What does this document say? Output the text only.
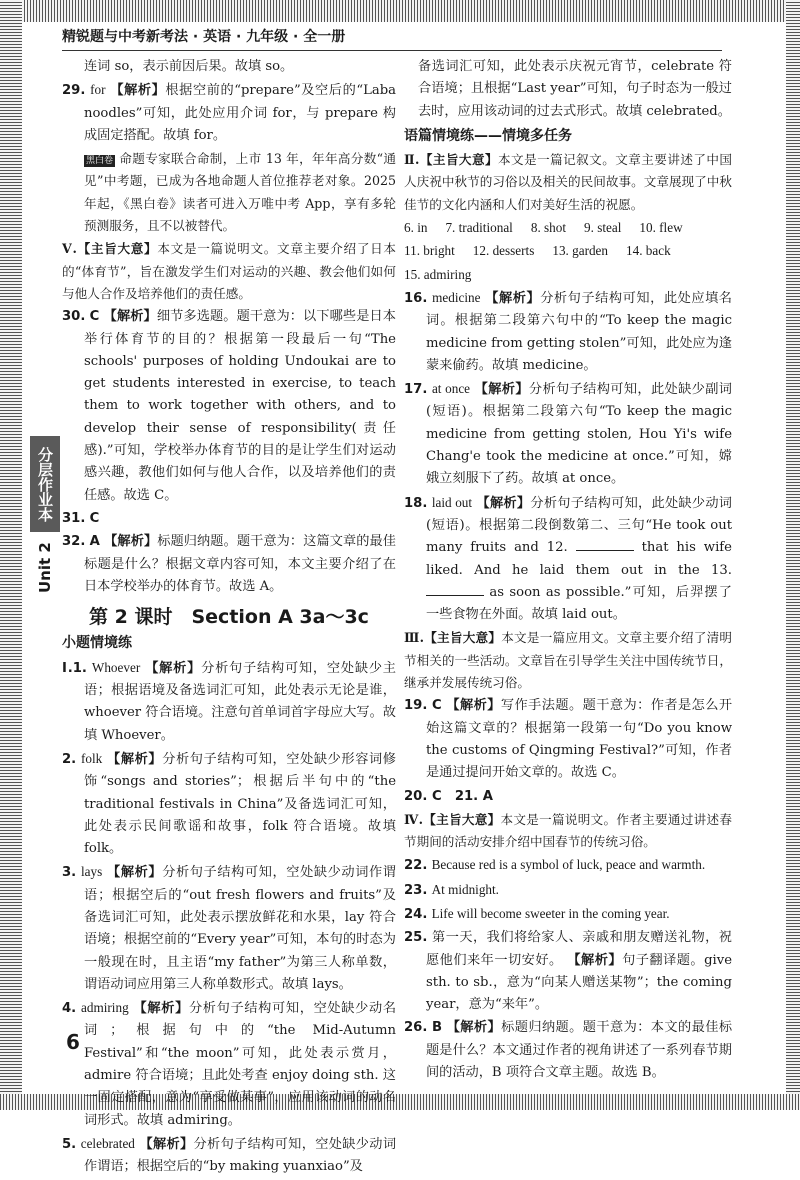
精锐题与中考新考法 · 英语 · 九年级 · 全一册
分层作业本
Unit 2
连词 so，表示前因后果。故填 so。
29. for 【解析】根据空前的“prepare”及空后的“Laba noodles”可知，此处应用介词 for，与 prepare 构成固定搭配。故填 for。
黑白卷 命题专家联合命制，上市 13 年，年年高分数“通见”中考题，已成为各地命题人首位推荐老对象。2025 年起，《黑白卷》读者可进入万唯中考 App，享有多轮预测服务，且不以被替代。
Ⅴ.【主旨大意】本文是一篇说明文。文章主要介绍了日本的“体育节”，旨在激发学生们对运动的兴趣、教会他们如何与他人合作及培养他们的责任感。
30. C 【解析】细节多选题。题干意为：以下哪些是日本举行体育节的目的？根据第一段最后一句“The schools' purposes of holding Undoukai are to get students interested in exercise, to teach them to work together with others, and to develop their sense of responsibility(责任感).”可知，学校举办体育节的目的是让学生们对运动感兴趣，教他们如何与他人合作，以及培养他们的责任感。故选 C。
31. C
32. A 【解析】标题归纳题。题干意为：这篇文章的最佳标题是什么？根据文章内容可知，本文主要介绍了在日本学校举办的体育节。故选 A。
第 2 课时　Section A 3a～3c
小题情境练
Ⅰ.1. Whoever 【解析】分析句子结构可知，空处缺少主语；根据语境及备选词汇可知，此处表示无论是谁，whoever 符合语境。注意句首单词首字母应大写。故填 Whoever。
2. folk 【解析】分析句子结构可知，空处缺少形容词修饰“songs and stories”；根据后半句中的“the traditional festivals in China”及备选词汇可知，此处表示民间歌谣和故事，folk 符合语境。故填 folk。
3. lays 【解析】分析句子结构可知，空处缺少动词作谓语；根据空后的“out fresh flowers and fruits”及备选词汇可知，此处表示摆放鲜花和水果，lay 符合语境；根据空前的“Every year”可知，本句的时态为一般现在时，且主语“my father”为第三人称单数，谓语动词应用第三人称单数形式。故填 lays。
4. admiring 【解析】分析句子结构可知，空处缺少动名词；根据句中的“the Mid-Autumn Festival”和“the moon”可知，此处表示赏月，admire 符合语境；且此处考查 enjoy doing sth. 这一固定搭配，意为“享受做某事”，应用该动词的动名词形式。故填 admiring。
5. celebrated 【解析】分析句子结构可知，空处缺少动词作谓语；根据空后的“by making yuanxiao”及
备选词汇可知，此处表示庆祝元宵节，celebrate 符合语境；且根据“Last year”可知，句子时态为一般过去时，应用该动词的过去式形式。故填 celebrated。
语篇情境练——情境多任务
Ⅱ.【主旨大意】本文是一篇记叙文。文章主要讲述了中国人庆祝中秋节的习俗以及相关的民间故事。文章展现了中秋佳节的文化内涵和人们对美好生活的祝愿。
6. in 7. traditional 8. shot 9. steal 10. flew
11. bright 12. desserts 13. garden 14. back
15. admiring
16. medicine 【解析】分析句子结构可知，此处应填名词。根据第二段第六句中的“To keep the magic medicine from getting stolen”可知，此处应为逢蒙来偷药。故填 medicine。
17. at once 【解析】分析句子结构可知，此处缺少副词(短语)。根据第二段第六句“To keep the magic medicine from getting stolen, Hou Yi's wife Chang'e took the medicine at once.”可知，嫦娥立刻服下了药。故填 at once。
18. laid out 【解析】分析句子结构可知，此处缺少动词(短语)。根据第二段倒数第二、三句“He took out many fruits and 12.	that his wife liked. And he laid them out in the 13.  as soon as possible.”可知，后羿摆了一些食物在外面。故填 laid out。
Ⅲ.【主旨大意】本文是一篇应用文。文章主要介绍了清明节相关的一些活动。文章旨在引导学生关注中国传统节日，继承并发展传统习俗。
19. C 【解析】写作手法题。题干意为：作者是怎么开始这篇文章的？根据第一段第一句“Do you know the customs of Qingming Festival?”可知，作者是通过提问开始文章的。故选 C。
20. C　21. A
Ⅳ.【主旨大意】本文是一篇说明文。作者主要通过讲述春节期间的活动安排介绍中国春节的传统习俗。
22. Because red is a symbol of luck, peace and warmth.
23. At midnight.
24. Life will become sweeter in the coming year.
25. 第一天，我们将给家人、亲戚和朋友赠送礼物，祝愿他们来年一切安好。 【解析】句子翻译题。give sth. to sb.，意为“向某人赠送某物”；the coming year，意为“来年”。
26. B 【解析】标题归纳题。题干意为：本文的最佳标题是什么？本文通过作者的视角讲述了一系列春节期间的活动，B 项符合文章主题。故选 B。
6
